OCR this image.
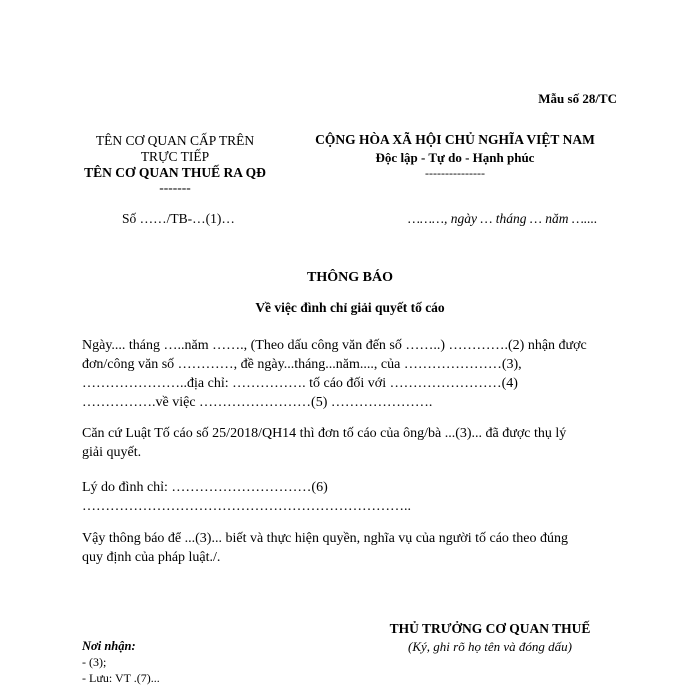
Mẫu số 28/TC
TÊN CƠ QUAN CẤP TRÊN
TRỰC TIẾP
TÊN CƠ QUAN THUẾ RA QĐ
-------
CỘNG HÒA XÃ HỘI CHỦ NGHĨA VIỆT NAM
Độc lập - Tự do - Hạnh phúc
---------------
Số ……/TB-…(1)…	………, ngày … tháng … năm …....
THÔNG BÁO
Về việc đình chỉ giải quyết tố cáo

Ngày.... tháng …..năm ……., (Theo dấu công văn đến số ……..) ………….(2) nhận được

đơn/công văn số …………, đề ngày...tháng...năm...., của …………………(3),

…………………..địa chỉ: ……………. tố cáo đối với ……………………(4)

…………….về việc ……………………(5) ………………….

Căn cứ Luật Tố cáo số 25/2018/QH14 thì đơn tố cáo của ông/bà ...(3)... đã được thụ lý

giải quyết.

Lý do đình chỉ: …………………………(6)

……………………………………………………………..

Vậy thông báo để ...(3)... biết và thực hiện quyền, nghĩa vụ của người tố cáo theo đúng

quy định của pháp luật./.

THỦ TRƯỞNG CƠ QUAN THUẾ
(Ký, ghi rõ họ tên và đóng dấu)
Nơi nhận:
- (3);
- Lưu: VT .(7)...
